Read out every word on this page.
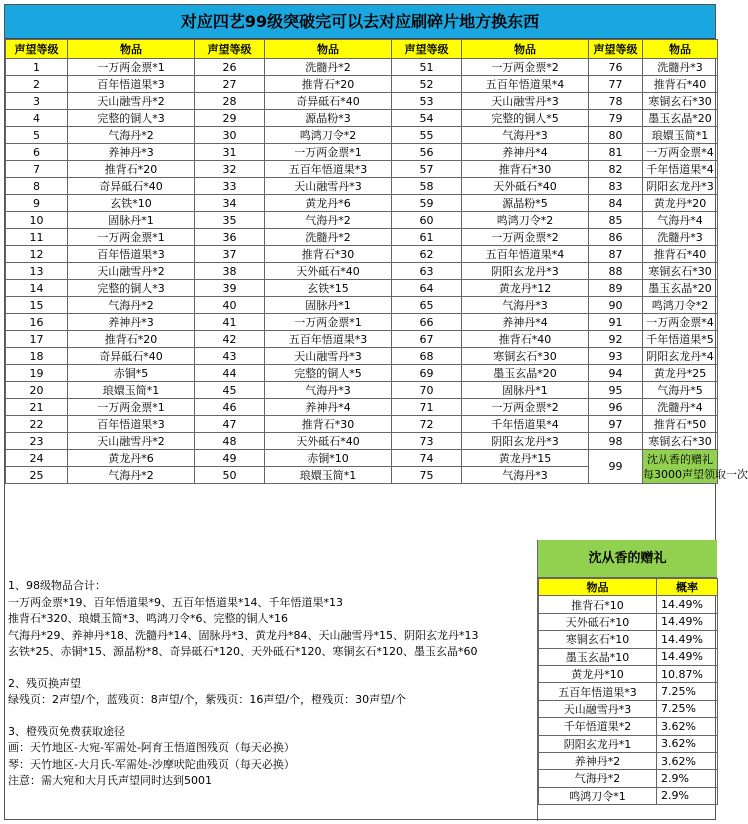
对应四艺99级突破完可以去对应刷碎片地方换东西
声望等级	物品	声望等级	物品	声望等级	物品	声望等级	物品
1	一万两金票*1	26	洗髓丹*2	51	一万两金票*2	76	洗髓丹*3
2	百年悟道果*3	27	推背石*20	52	五百年悟道果*4	77	推背石*40
3	天山融雪丹*2	28	奇异砥石*40	53	天山融雪丹*3	78	寒铜玄石*30
4	完整的铜人*3	29	源晶粉*3	54	完整的铜人*5	79	墨玉玄晶*20
5	气海丹*2	30	鸣鸿刀令*2	55	气海丹*3	80	琅嬛玉简*1
6	养神丹*3	31	一万两金票*1	56	养神丹*4	81	一万两金票*4
7	推背石*20	32	五百年悟道果*3	57	推背石*30	82	千年悟道果*4
8	奇异砥石*40	33	天山融雪丹*3	58	天外砥石*40	83	阴阳玄龙丹*3
9	玄铁*10	34	黄龙丹*6	59	源晶粉*5	84	黄龙丹*20
10	固脉丹*1	35	气海丹*2	60	鸣鸿刀令*2	85	气海丹*4
11	一万两金票*1	36	洗髓丹*2	61	一万两金票*2	86	洗髓丹*3
12	百年悟道果*3	37	推背石*30	62	五百年悟道果*4	87	推背石*40
13	天山融雪丹*2	38	天外砥石*40	63	阴阳玄龙丹*3	88	寒铜玄石*30
14	完整的铜人*3	39	玄铁*15	64	黄龙丹*12	89	墨玉玄晶*20
15	气海丹*2	40	固脉丹*1	65	气海丹*3	90	鸣鸿刀令*2
16	养神丹*3	41	一万两金票*1	66	养神丹*4	91	一万两金票*4
17	推背石*20	42	五百年悟道果*3	67	推背石*40	92	千年悟道果*5
18	奇异砥石*40	43	天山融雪丹*3	68	寒铜玄石*30	93	阴阳玄龙丹*4
19	赤铜*5	44	完整的铜人*5	69	墨玉玄晶*20	94	黄龙丹*25
20	琅嬛玉简*1	45	气海丹*3	70	固脉丹*1	95	气海丹*5
21	一万两金票*1	46	养神丹*4	71	一万两金票*2	96	洗髓丹*4
22	百年悟道果*3	47	推背石*30	72	千年悟道果*4	97	推背石*50
23	天山融雪丹*2	48	天外砥石*40	73	阴阳玄龙丹*3	98	寒铜玄石*30
24	黄龙丹*6	49	赤铜*10	74	黄龙丹*15	99	沈从香的赠礼
每3000声望领取一次

25	气海丹*2	50	琅嬛玉简*1	75	气海丹*3		
1、98级物品合计：
一万两金票*19、百年悟道果*9、五百年悟道果*14、千年悟道果*13
推背石*320、琅嬛玉简*3、鸣鸿刀令*6、完整的铜人*16
气海丹*29、养神丹*18、洗髓丹*14、固脉丹*3、黄龙丹*84、天山融雪丹*15、阴阳玄龙丹*13
玄铁*25、赤铜*15、源晶粉*8、奇异砥石*120、天外砥石*120、寒铜玄石*120、墨玉玄晶*60
2、残页换声望
绿残页：2声望/个，蓝残页：8声望/个，紫残页：16声望/个，橙残页：30声望/个
3、橙残页免费获取途径
画：天竹地区-大宛-军需处-阿育王悟道图残页（每天必换）
琴：天竹地区-大月氏-军需处-沙摩吠陀曲残页（每天必换）
注意：需大宛和大月氏声望同时达到5001
沈从香的赠礼
物品	概率
推背石*10	14.49%
天外砥石*10	14.49%
寒铜玄石*10	14.49%
墨玉玄晶*10	14.49%
黄龙丹*10	10.87%
五百年悟道果*3	7.25%
天山融雪丹*3	7.25%
千年悟道果*2	3.62%
阴阳玄龙丹*1	3.62%
养神丹*2	3.62%
气海丹*2	2.9%
鸣鸿刀令*1	2.9%
